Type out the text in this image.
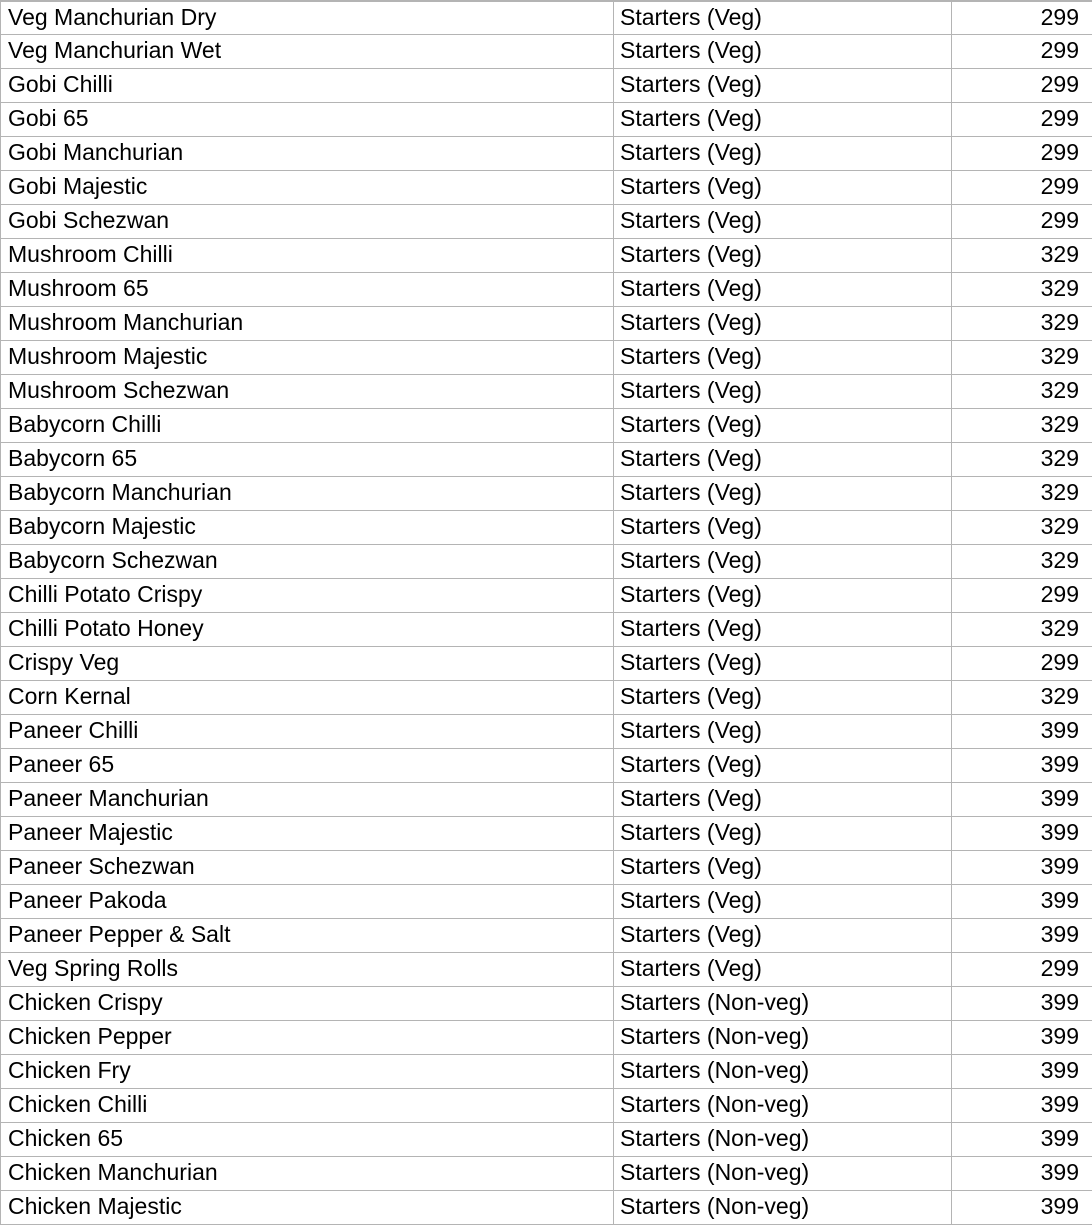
Veg Manchurian Dry	Starters (Veg)	299
Veg Manchurian Wet	Starters (Veg)	299
Gobi Chilli	Starters (Veg)	299
Gobi 65	Starters (Veg)	299
Gobi Manchurian	Starters (Veg)	299
Gobi Majestic	Starters (Veg)	299
Gobi Schezwan	Starters (Veg)	299
Mushroom Chilli	Starters (Veg)	329
Mushroom 65	Starters (Veg)	329
Mushroom Manchurian	Starters (Veg)	329
Mushroom Majestic	Starters (Veg)	329
Mushroom Schezwan	Starters (Veg)	329
Babycorn Chilli	Starters (Veg)	329
Babycorn 65	Starters (Veg)	329
Babycorn Manchurian	Starters (Veg)	329
Babycorn Majestic	Starters (Veg)	329
Babycorn Schezwan	Starters (Veg)	329
Chilli Potato Crispy	Starters (Veg)	299
Chilli Potato Honey	Starters (Veg)	329
Crispy Veg	Starters (Veg)	299
Corn Kernal	Starters (Veg)	329
Paneer Chilli	Starters (Veg)	399
Paneer 65	Starters (Veg)	399
Paneer Manchurian	Starters (Veg)	399
Paneer Majestic	Starters (Veg)	399
Paneer Schezwan	Starters (Veg)	399
Paneer Pakoda	Starters (Veg)	399
Paneer Pepper & Salt	Starters (Veg)	399
Veg Spring Rolls	Starters (Veg)	299
Chicken Crispy	Starters (Non-veg)	399
Chicken Pepper	Starters (Non-veg)	399
Chicken Fry	Starters (Non-veg)	399
Chicken Chilli	Starters (Non-veg)	399
Chicken 65	Starters (Non-veg)	399
Chicken Manchurian	Starters (Non-veg)	399
Chicken Majestic	Starters (Non-veg)	399
